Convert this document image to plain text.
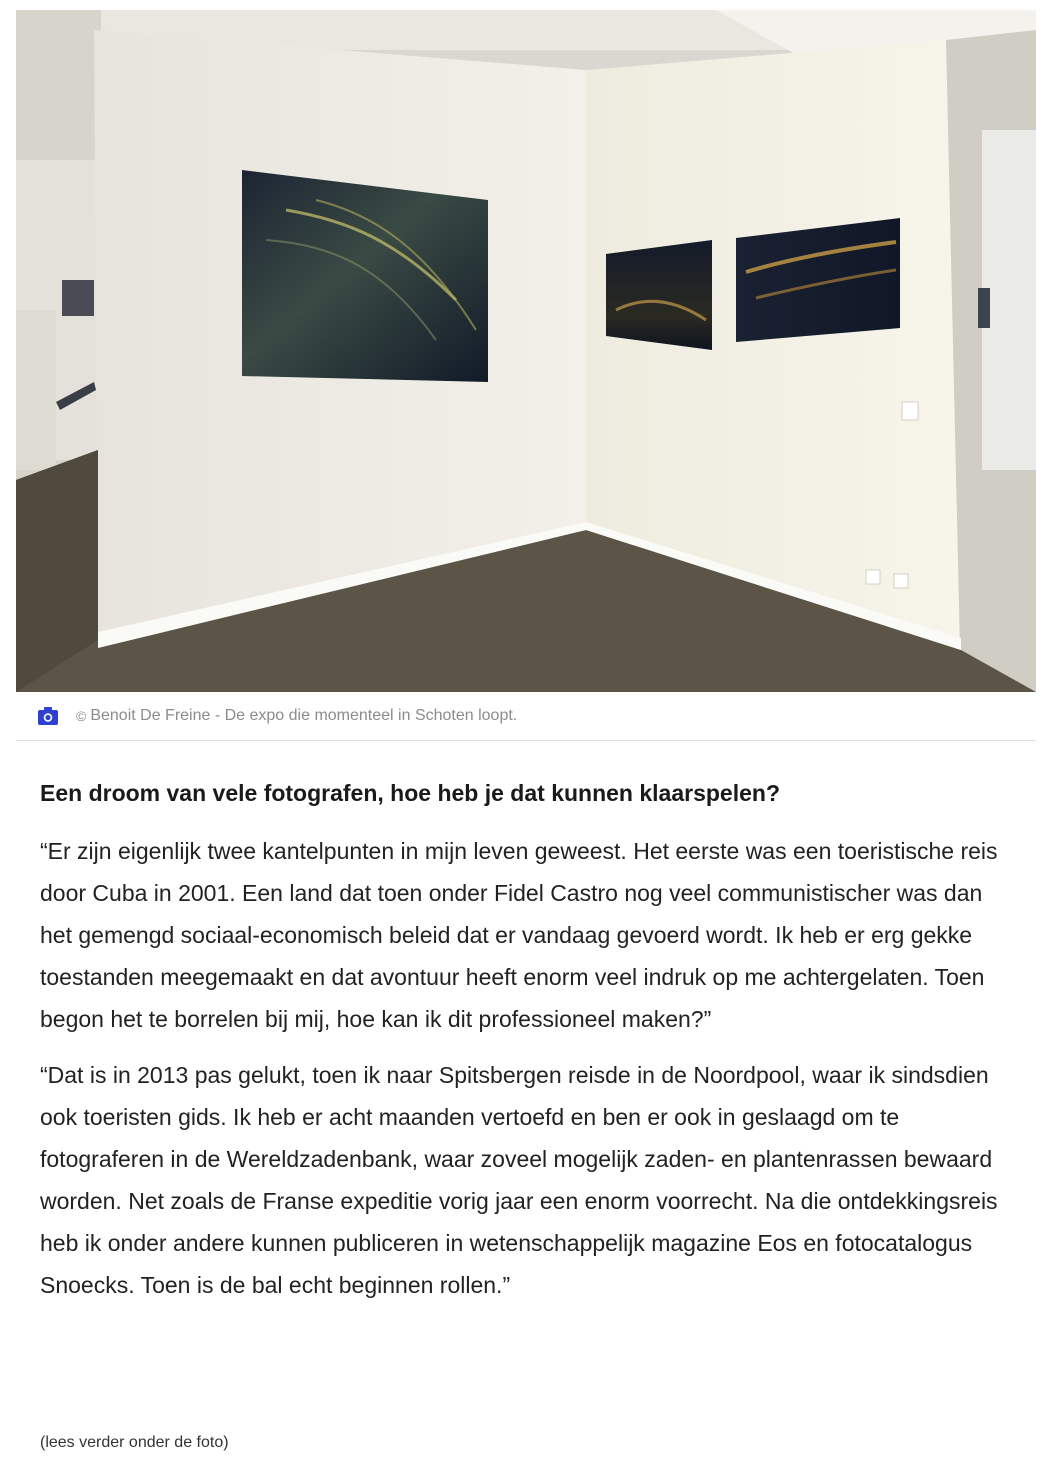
© Benoit De Freine - De expo die momenteel in Schoten loopt.
Een droom van vele fotografen, hoe heb je dat kunnen klaarspelen?

“Er zijn eigenlijk twee kantelpunten in mijn leven geweest. Het eerste was een toeristische reis door Cuba in 2001. Een land dat toen onder Fidel Castro nog veel communistischer was dan het gemengd sociaal-economisch beleid dat er vandaag gevoerd wordt. Ik heb er erg gekke toestanden meegemaakt en dat avontuur heeft enorm veel indruk op me achtergelaten. Toen begon het te borrelen bij mij, hoe kan ik dit professioneel maken?”

“Dat is in 2013 pas gelukt, toen ik naar Spitsbergen reisde in de Noordpool, waar ik sindsdien ook toeristen gids. Ik heb er acht maanden vertoefd en ben er ook in geslaagd om te fotograferen in de Wereldzadenbank, waar zoveel mogelijk zaden- en plantenrassen bewaard worden. Net zoals de Franse expeditie vorig jaar een enorm voorrecht. Na die ontdekkingsreis heb ik onder andere kunnen publiceren in wetenschappelijk magazine Eos en fotocatalogus Snoecks. Toen is de bal echt beginnen rollen.”

(lees verder onder de foto)
